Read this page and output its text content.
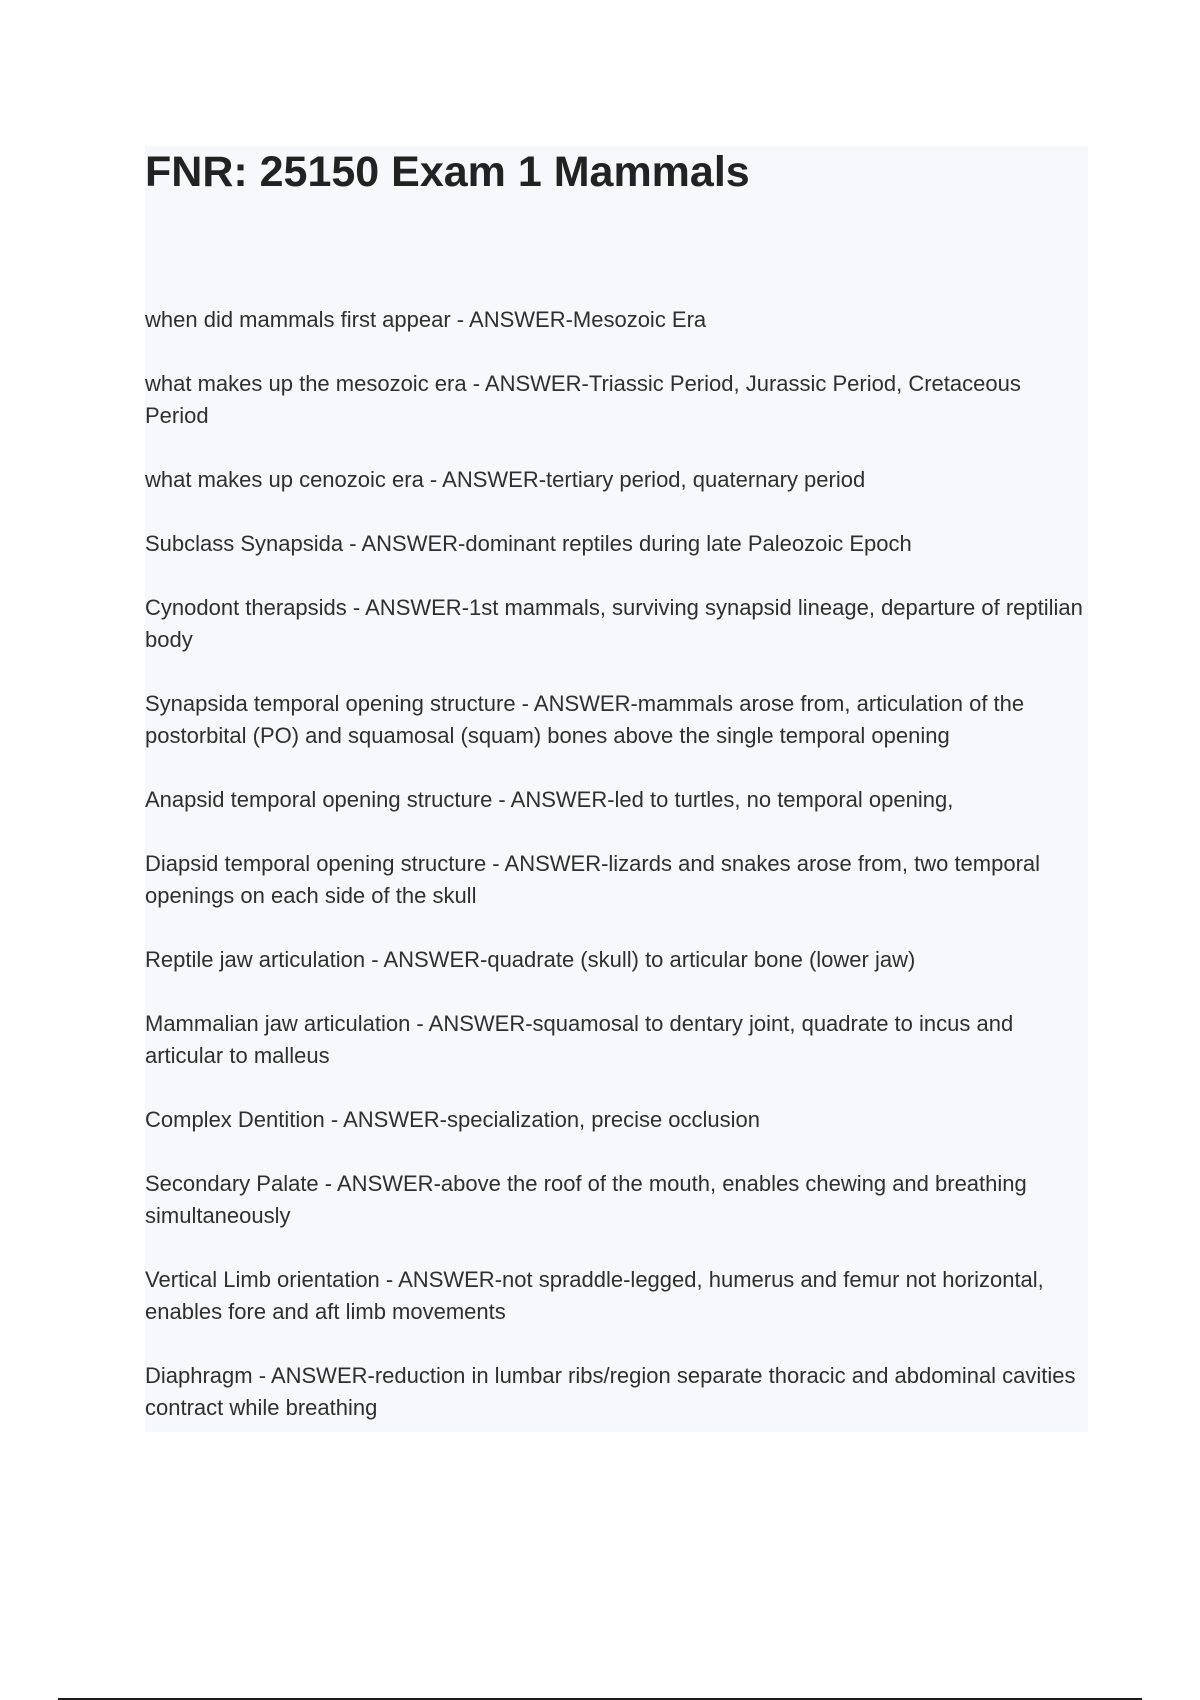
FNR: 25150 Exam 1 Mammals
when did mammals first appear - ANSWER-Mesozoic Era
what makes up the mesozoic era - ANSWER-Triassic Period, Jurassic Period, Cretaceous Period
what makes up cenozoic era - ANSWER-tertiary period, quaternary period
Subclass Synapsida - ANSWER-dominant reptiles during late Paleozoic Epoch
Cynodont therapsids - ANSWER-1st mammals, surviving synapsid lineage, departure of reptilian body
Synapsida temporal opening structure - ANSWER-mammals arose from, articulation of the postorbital (PO) and squamosal (squam) bones above the single temporal opening
Anapsid temporal opening structure - ANSWER-led to turtles, no temporal opening,
Diapsid temporal opening structure - ANSWER-lizards and snakes arose from, two temporal openings on each side of the skull
Reptile jaw articulation - ANSWER-quadrate (skull) to articular bone (lower jaw)
Mammalian jaw articulation - ANSWER-squamosal to dentary joint, quadrate to incus and articular to malleus
Complex Dentition - ANSWER-specialization, precise occlusion
Secondary Palate - ANSWER-above the roof of the mouth, enables chewing and breathing simultaneously
Vertical Limb orientation - ANSWER-not spraddle-legged, humerus and femur not horizontal, enables fore and aft limb movements
Diaphragm - ANSWER-reduction in lumbar ribs/region separate thoracic and abdominal cavities contract while breathing
